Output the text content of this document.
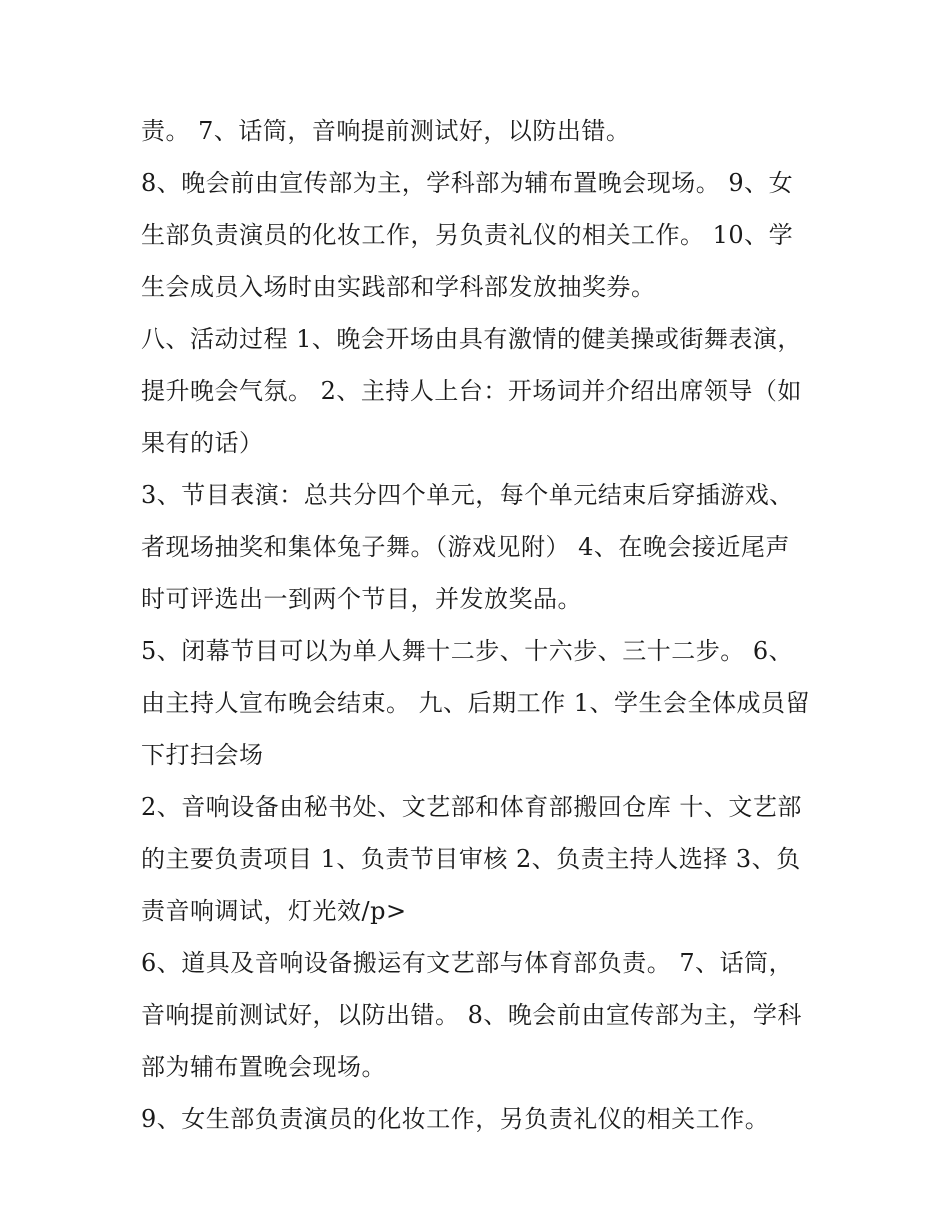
责。 7、话筒，音响提前测试好，以防出错。

8、晚会前由宣传部为主，学科部为辅布置晚会现场。 9、女
生部负责演员的化妆工作，另负责礼仪的相关工作。 10、学
生会成员入场时由实践部和学科部发放抽奖券。

八、活动过程 1、晚会开场由具有激情的健美操或街舞表演，
提升晚会气氛。 2、主持人上台：开场词并介绍出席领导（如
果有的话）

3、节目表演：总共分四个单元，每个单元结束后穿插游戏、
者现场抽奖和集体兔子舞。（游戏见附） 4、在晚会接近尾声
时可评选出一到两个节目，并发放奖品。

5、闭幕节目可以为单人舞十二步、十六步、三十二步。 6、
由主持人宣布晚会结束。 九、后期工作 1、学生会全体成员留
下打扫会场

2、音响设备由秘书处、文艺部和体育部搬回仓库 十、文艺部
的主要负责项目 1、负责节目审核 2、负责主持人选择 3、负
责音响调试，灯光效/p>

6、道具及音响设备搬运有文艺部与体育部负责。 7、话筒，
音响提前测试好，以防出错。 8、晚会前由宣传部为主，学科
部为辅布置晚会现场。

9、女生部负责演员的化妆工作，另负责礼仪的相关工作。
